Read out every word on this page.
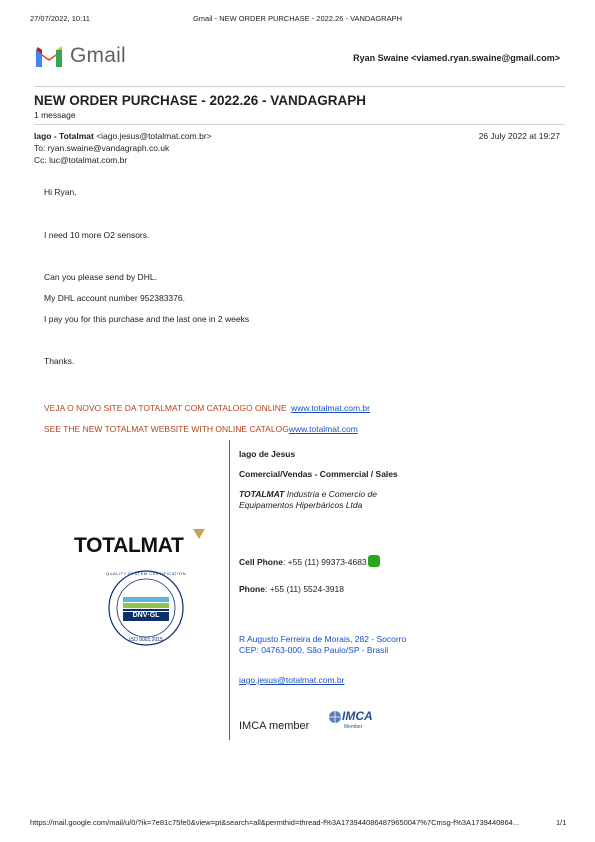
27/07/2022, 10:11	Gmail - NEW ORDER PURCHASE - 2022.26 - VANDAGRAPH
Gmail	Ryan Swaine <viamed.ryan.swaine@gmail.com>
NEW ORDER PURCHASE - 2022.26 - VANDAGRAPH
1 message
Iago - Totalmat <iago.jesus@totalmat.com.br>	26 July 2022 at 19:27
To: ryan.swaine@vandagraph.co.uk
Cc: luc@totalmat.com.br
Hi Ryan,
I need 10 more O2 sensors.
Can you please send by DHL.
My DHL account number 952383376.
I pay you for this purchase and the last one in 2 weeks
Thanks.
VEJA O NOVO SITE DA TOTALMAT COM CATALOGO ONLINE www.totalmat.com.br
SEE THE NEW TOTALMAT WEBSITE WITH ONLINE CATALOGwww.totalmat.com
TOTALMAT
QUALITY SYSTEM CERTIFICATION
DNV·GL
ISO 9001:2015
Iago de Jesus
Comercial/Vendas - Commercial / Sales
TOTALMAT Industria e Comercio de
Equipamentos Hiperbáricos Ltda
Cell Phone: +55 (11) 99373-4683
Phone: +55 (11) 5524-3918
R Augusto Ferreira de Morais, 282 - Socorro
CEP: 04763-000, São Paulo/SP - Brasil
iago.jesus@totalmat.com.br
IMCA member
IMCA
Member
https://mail.google.com/mail/u/0/?ik=7e81c75fe0&view=pt&search=all&permthid=thread-f%3A1739440864879650047%7Cmsg-f%3A1739440864...	1/1
